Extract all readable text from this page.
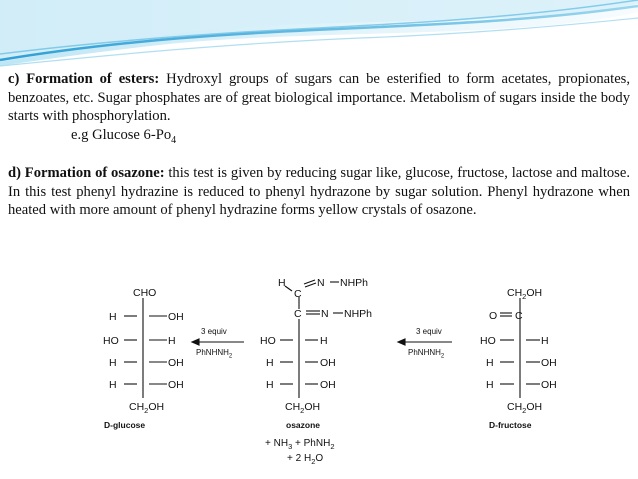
c) Formation of esters: Hydroxyl groups of sugars can be esterified to form acetates, propionates, benzoates, etc. Sugar phosphates are of great biological importance. Metabolism of sugars inside the body starts with phosphorylation.

e.g Glucose $6-Po_4$

d) Formation of osazone: this test is given by reducing sugar like, glucose, fructose, lactose and maltose. In this test phenyl hydrazine is reduced to phenyl hydrazone by sugar solution. Phenyl hydrazone when heated with more amount of phenyl hydrazine forms yellow crystals of osazone.

CHO
H	OH
HO	H
H	OH
H	OH
$CH_2OH$
D-glucose
3 equiv
PhNHNH$_2$
H
C
N NHPh
C N NHPh
HO	H
H	OH
H	OH
$CH_2OH$
osazone
+ $NH_3$ + PhNH$_2$
+ 2 $H_2O$
3 equiv
PhNHNH$_2$
$CH_2OH$
O C
HO	H
H	OH
H	OH
$CH_2OH$
D-fructose
